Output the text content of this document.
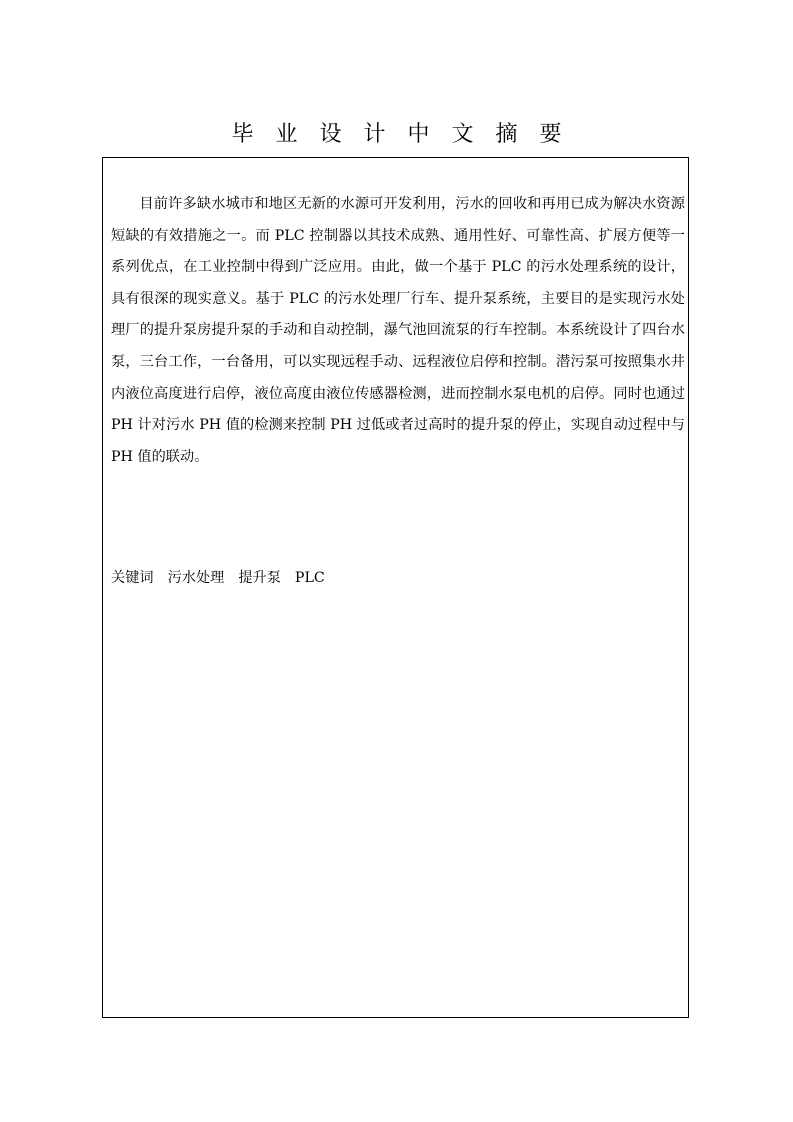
毕业设计中文摘要

目前许多缺水城市和地区无新的水源可开发利用，污水的回收和再用已成为解决水资源短缺的有效措施之一。而 PLC 控制器以其技术成熟、通用性好、可靠性高、扩展方便等一系列优点，在工业控制中得到广泛应用。由此，做一个基于 PLC 的污水处理系统的设计，具有很深的现实意义。基于 PLC 的污水处理厂行车、提升泵系统，主要目的是实现污水处理厂的提升泵房提升泵的手动和自动控制，瀑气池回流泵的行车控制。本系统设计了四台水泵，三台工作，一台备用，可以实现远程手动、远程液位启停和控制。潜污泵可按照集水井内液位高度进行启停，液位高度由液位传感器检测，进而控制水泵电机的启停。同时也通过 PH 计对污水 PH 值的检测来控制 PH 过低或者过高时的提升泵的停止，实现自动过程中与 PH 值的联动。

关键词 污水处理 提升泵 PLC
